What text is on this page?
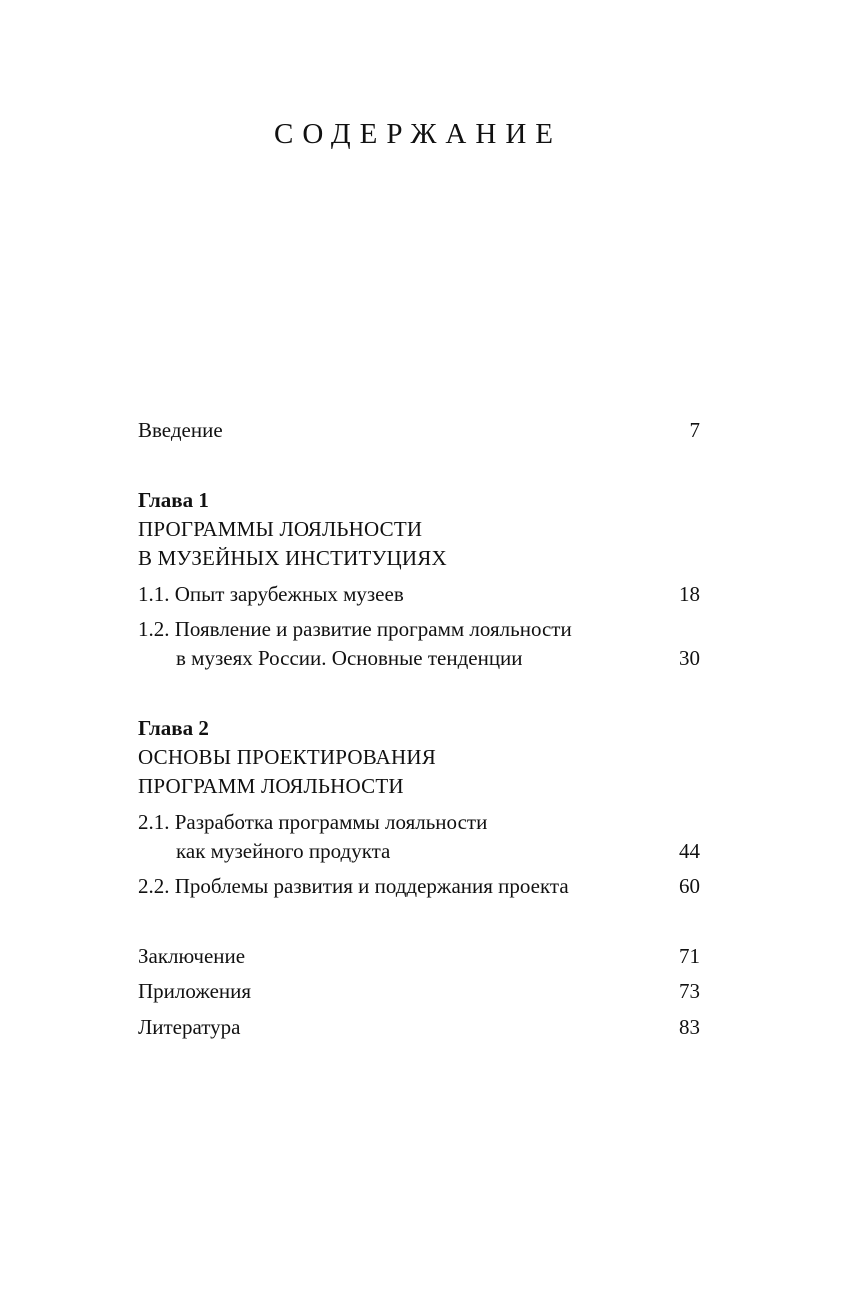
СОДЕРЖАНИЕ
Введение	7
Глава 1
ПРОГРАММЫ ЛОЯЛЬНОСТИ
В МУЗЕЙНЫХ ИНСТИТУЦИЯХ
1.1. Опыт зарубежных музеев	18
1.2. Появление и развитие программ лояльности
в музеях России. Основные тенденции	30
Глава 2
ОСНОВЫ ПРОЕКТИРОВАНИЯ
ПРОГРАММ ЛОЯЛЬНОСТИ
2.1. Разработка программы лояльности
как музейного продукта	44
2.2. Проблемы развития и поддержания проекта	60
Заключение	71
Приложения	73
Литература	83
